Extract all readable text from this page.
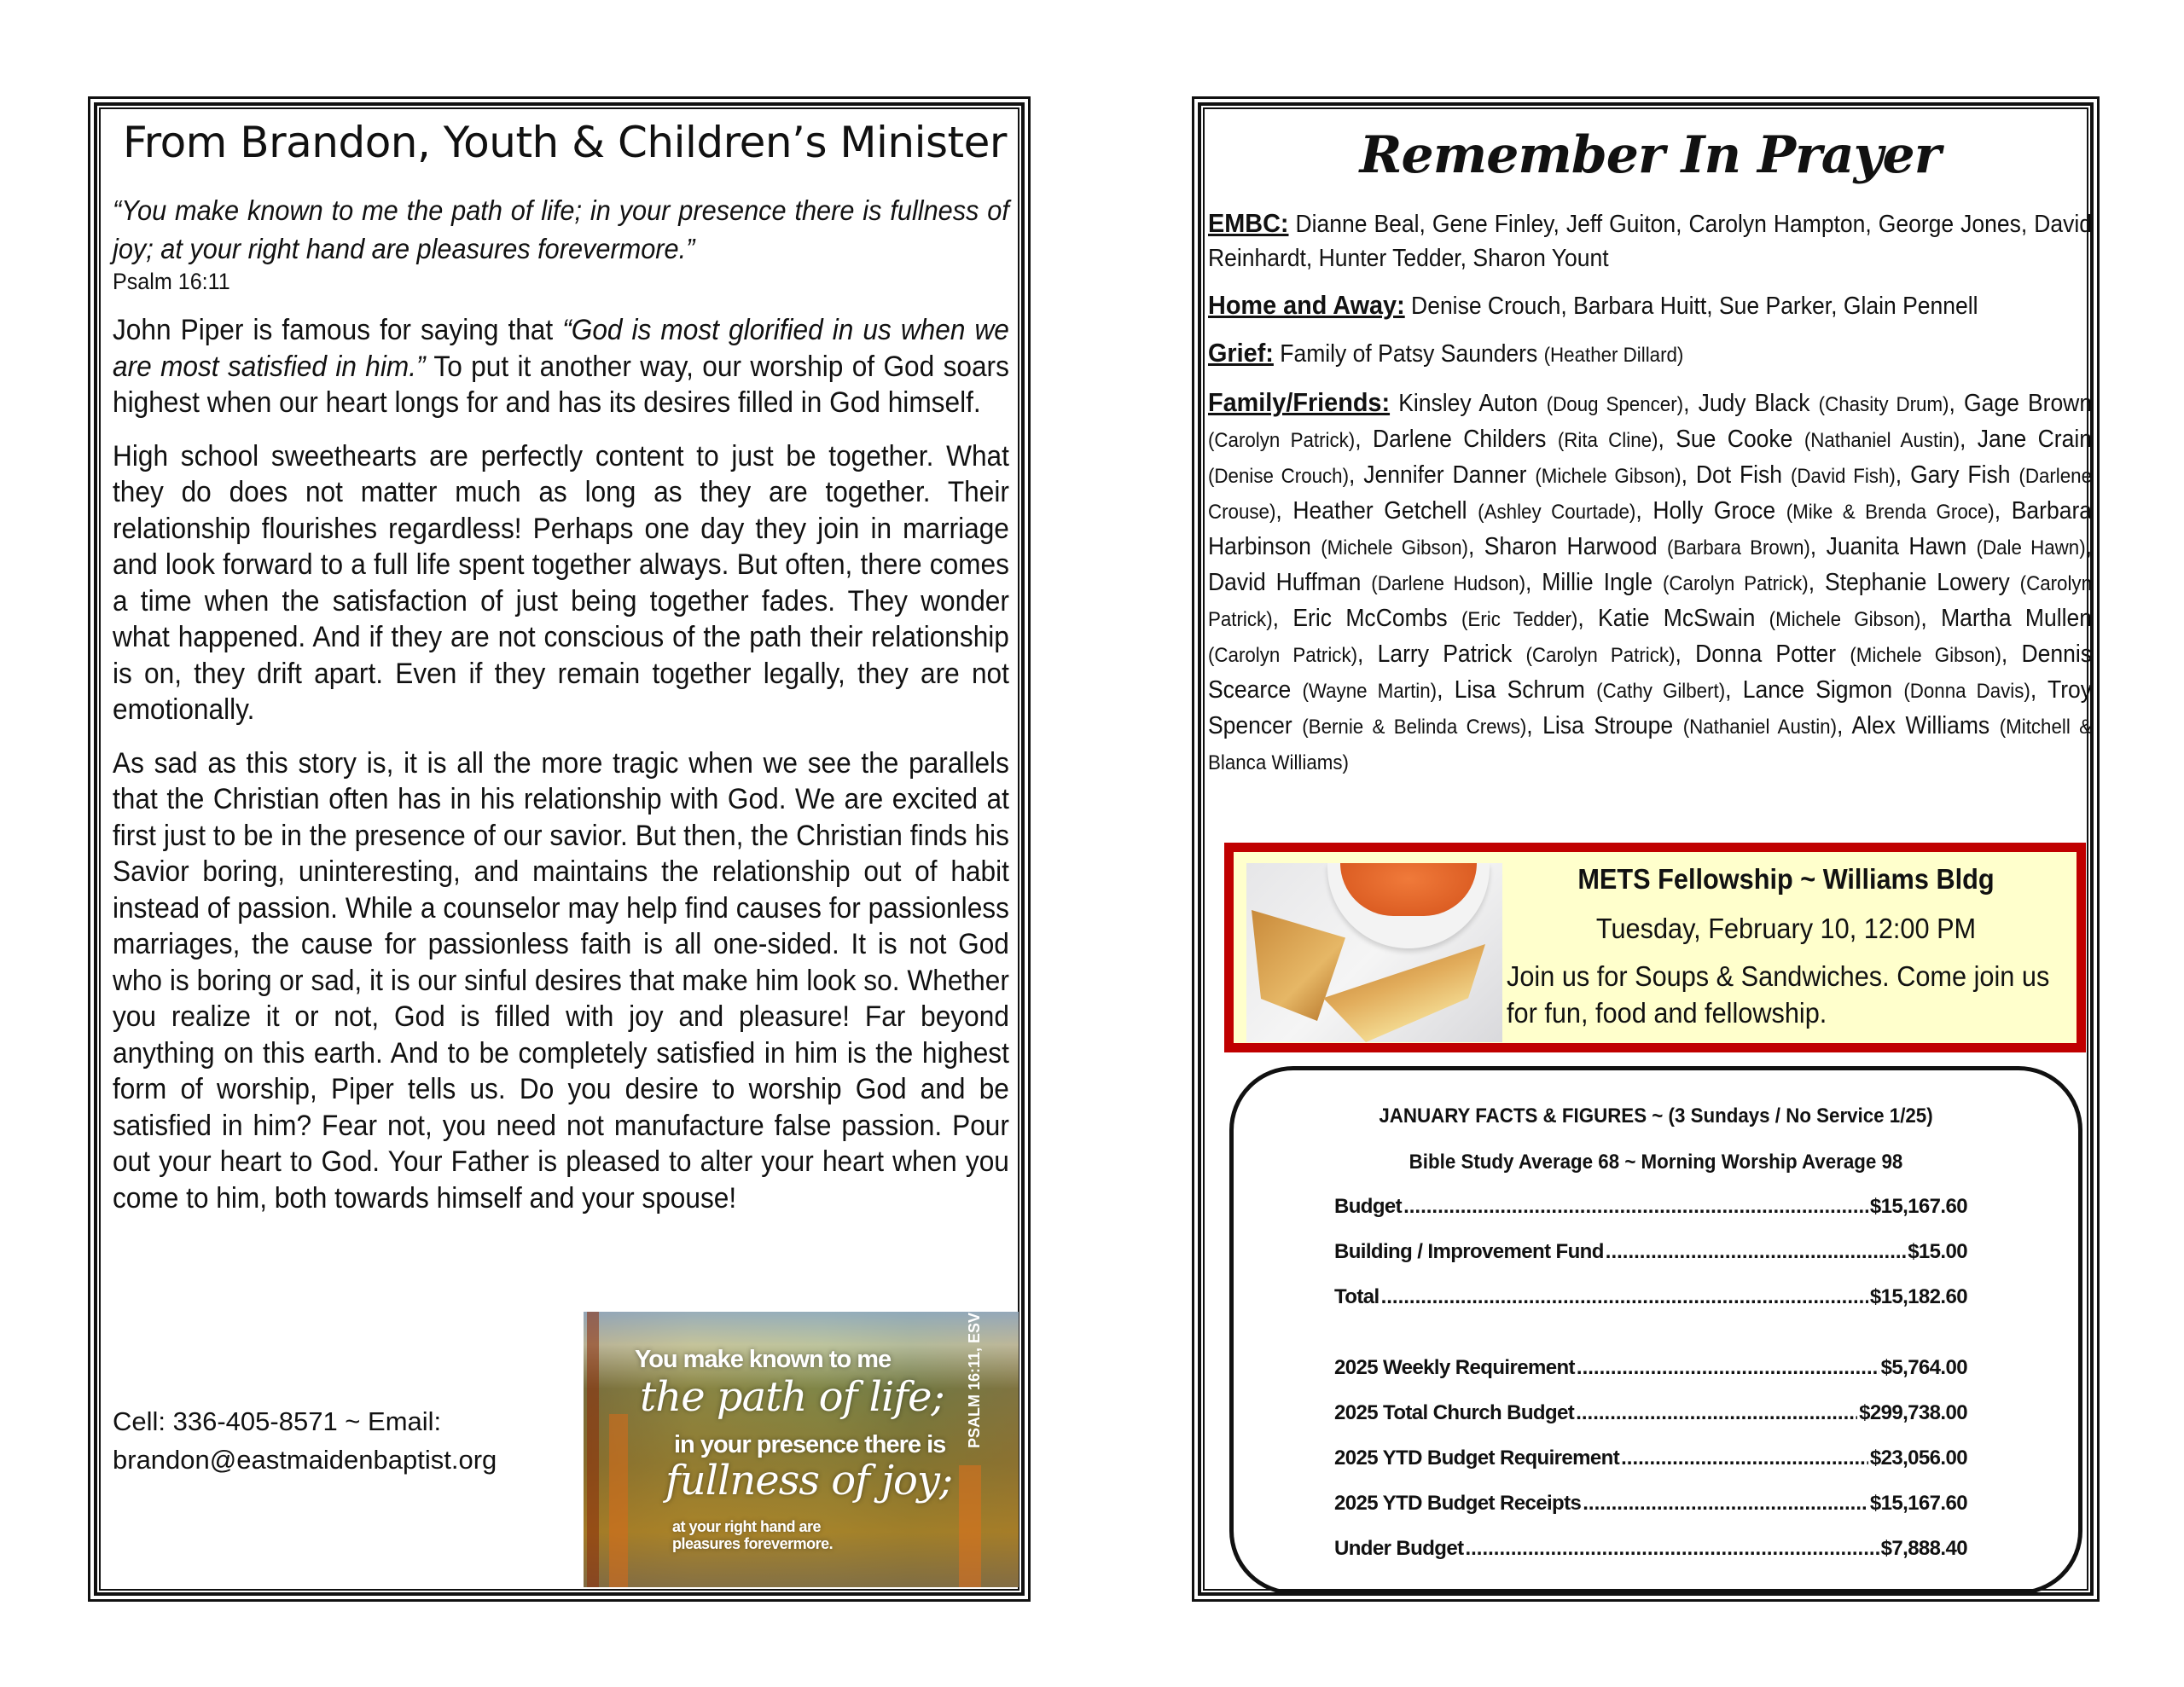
From Brandon, Youth & Children’s Minister

“You make known to me the path of life; in your presence there is fullness of joy; at your right hand are pleasures forevermore.”

Psalm 16:11

John Piper is famous for saying that “God is most glorified in us when we are most satisfied in him.” To put it another way, our worship of God soars highest when our heart longs for and has its desires filled in God himself.

High school sweethearts are perfectly content to just be together. What they do does not matter much as long as they are together. Their relationship flourishes regardless! Perhaps one day they join in marriage and look forward to a full life spent together always. But often, there comes a time when the satisfaction of just being together fades. They wonder what happened. And if they are not conscious of the path their relationship is on, they drift apart. Even if they remain together legally, they are not emotionally.

As sad as this story is, it is all the more tragic when we see the parallels that the Christian often has in his relationship with God. We are excited at first just to be in the presence of our savior. But then, the Christian finds his Savior boring, uninteresting, and maintains the relationship out of habit instead of passion. While a counselor may help find causes for passionless marriages, the cause for passionless faith is all one-sided. It is not God who is boring or sad, it is our sinful desires that make him look so. Whether you realize it or not, God is filled with joy and pleasure! Far beyond anything on this earth. And to be completely satisfied in him is the highest form of worship, Piper tells us. Do you desire to worship God and be satisfied in him? Fear not, you need not manufacture false passion. Pour out your heart to God. Your Father is pleased to alter your heart when you come to him, both towards himself and your spouse!

Cell: 336-405-8571 ~ Email:
brandon@eastmaidenbaptist.org
You make known to me
the path of life;
in your presence there is
fullness of joy;
at your right hand are
pleasures forevermore.
PSALM 16:11, ESV
Remember In Prayer

EMBC: Dianne Beal, Gene Finley, Jeff Guiton, Carolyn Hampton, George Jones, David Reinhardt, Hunter Tedder, Sharon Yount

Home and Away: Denise Crouch, Barbara Huitt, Sue Parker, Glain Pennell

Grief: Family of Patsy Saunders (Heather Dillard)

Family/Friends: Kinsley Auton (Doug Spencer), Judy Black (Chasity Drum), Gage Brown (Carolyn Patrick), Darlene Childers (Rita Cline), Sue Cooke (Nathaniel Austin), Jane Crain (Denise Crouch), Jennifer Danner (Michele Gibson), Dot Fish (David Fish), Gary Fish (Darlene Crouse), Heather Getchell (Ashley Courtade), Holly Groce (Mike & Brenda Groce), Barbara Harbinson (Michele Gibson), Sharon Harwood (Barbara Brown), Juanita Hawn (Dale Hawn), David Huffman (Darlene Hudson), Millie Ingle (Carolyn Patrick), Stephanie Lowery (Carolyn Patrick), Eric McCombs (Eric Tedder), Katie McSwain (Michele Gibson), Martha Mullen (Carolyn Patrick), Larry Patrick (Carolyn Patrick), Donna Potter (Michele Gibson), Dennis Scearce (Wayne Martin), Lisa Schrum (Cathy Gilbert), Lance Sigmon (Donna Davis), Troy Spencer (Bernie & Belinda Crews), Lisa Stroupe (Nathaniel Austin), Alex Williams (Mitchell & Blanca Williams)

METS Fellowship ~ Williams Bldg
Tuesday, February 10, 12:00 PM
Join us for Soups & Sandwiches. Come join us for fun, food and fellowship.
JANUARY FACTS & FIGURES ~ (3 Sundays / No Service 1/25)
Bible Study Average 68 ~ Morning Worship Average 98
Budget .....	$15,167.60
Building / Improvement Fund .....	$15.00
Total .....	$15,182.60
2025 Weekly Requirement .....	$5,764.00
2025 Total Church Budget .....	$299,738.00
2025 YTD Budget Requirement .....	$23,056.00
2025 YTD Budget Receipts .....	$15,167.60
Under Budget .....	$7,888.40
